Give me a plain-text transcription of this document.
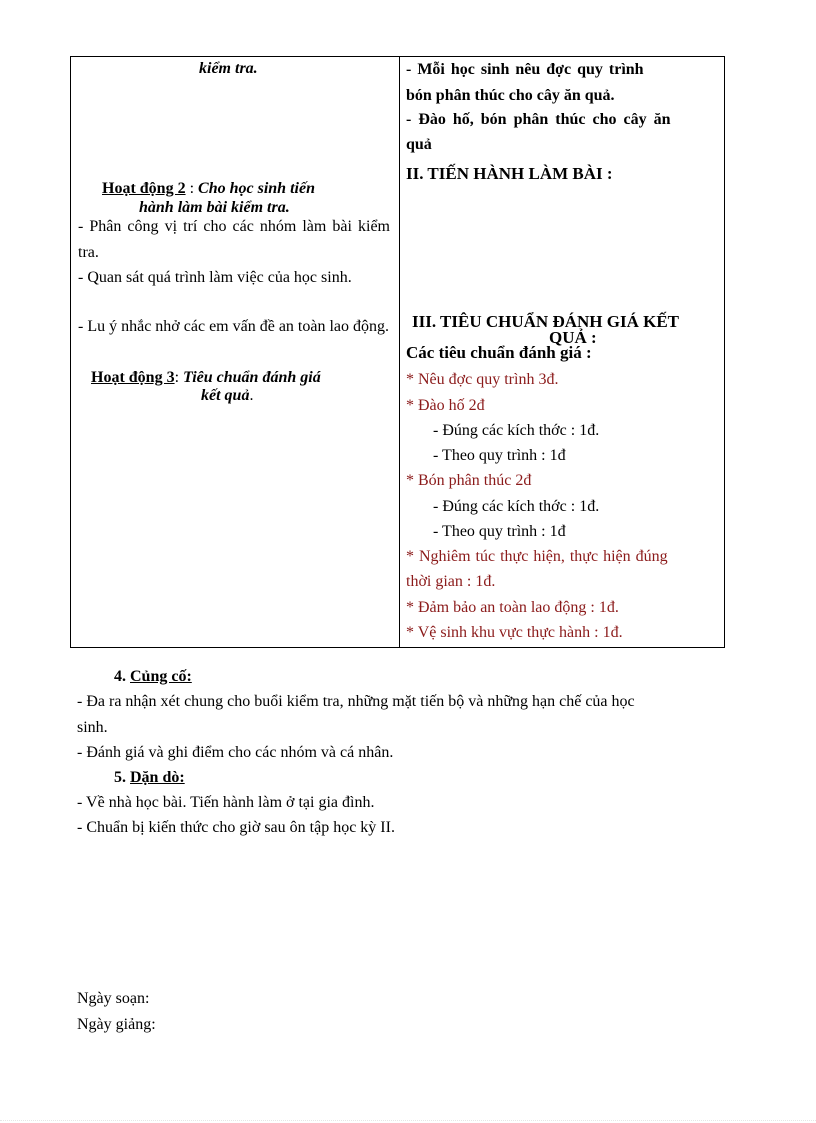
kiểm tra.
Hoạt động 2 : Cho học sinh tiến
hành làm bài kiểm tra.
- Phân công vị trí cho các nhóm làm bài kiểm tra.
- Quan sát quá trình làm việc của học sinh.
- Lu ý nhắc nhở các em vấn đề an toàn lao động.
Hoạt động 3: Tiêu chuẩn đánh giá
kết quả.
- Mỗi học sinh nêu đợc quy trình
bón phân thúc cho cây ăn quả.
- Đào hố, bón phân thúc cho cây ăn
quả
II. TIẾN HÀNH LÀM BÀI :
III. TIÊU CHUẨN ĐÁNH GIÁ KẾT
QUẢ :
Các tiêu chuẩn đánh giá :
* Nêu đợc quy trình 3đ.
* Đào hố 2đ
- Đúng các kích thớc : 1đ.
- Theo quy trình : 1đ
* Bón phân thúc 2đ
- Đúng các kích thớc : 1đ.
- Theo quy trình : 1đ
* Nghiêm túc thực hiện, thực hiện đúng
thời gian : 1đ.
* Đảm bảo an toàn lao động : 1đ.
* Vệ sinh khu vực thực hành : 1đ.
4. Củng cố:
- Đa ra nhận xét chung cho buổi kiểm tra, những mặt tiến bộ và những hạn chế của học
sinh.
- Đánh giá và ghi điểm cho các nhóm và cá nhân.
5. Dặn dò:
- Về nhà học bài. Tiến hành làm ở tại gia đình.
- Chuẩn bị kiến thức cho giờ sau ôn tập học kỳ II.
Ngày soạn:
Ngày giảng:
